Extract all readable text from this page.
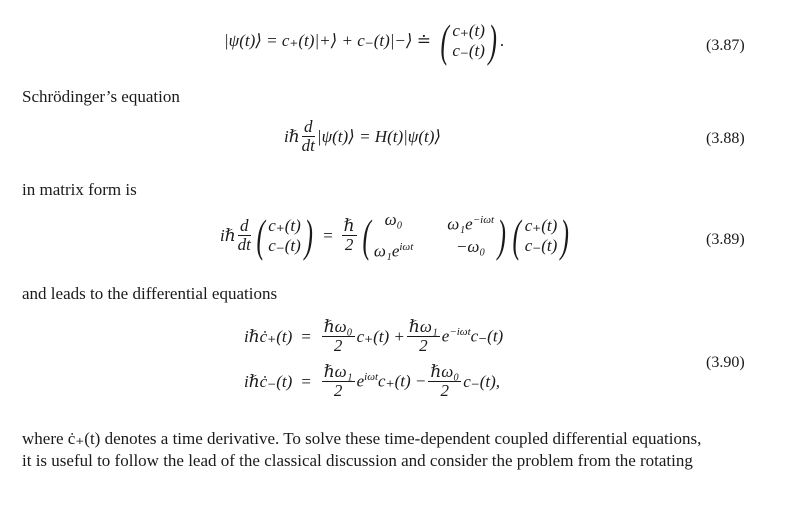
|ψ(t)⟩ = c₊(t)|+⟩ + c₋(t)|−⟩ ≐ ( c₊(t)
c₋(t) ) .	(3.87)
Schrödinger’s equation
iℏ $\frac{d}{dt}$ |ψ(t)⟩ = H(t)|ψ(t)⟩	(3.88)
in matrix form is
iℏ $\frac{d}{dt}$ ( c₊(t)
c₋(t) ) = $\frac{\text{ℏ}}{2}$ ( ω₀	$\omega_1e^{-i\omega t}$
$\omega_1e^{i\omega t}$	−ω₀ ) ( c₊(t)
c₋(t) )	(3.89)
and leads to the differential equations
iℏċ₊(t) = $\frac{\text{ℏω₀}}{2} c_+(t) + \frac{\text{ℏω₁}}{2} e^{-i\omega t}c_-(t)$
iℏċ₋(t) = $\frac{\text{ℏω₁}}{2} e^{i\omega t}c_+(t) - \frac{\text{ℏω₀}}{2} c_-(t)$,
(3.90)
where ċ₊(t) denotes a time derivative. To solve these time-dependent coupled differential equations,
it is useful to follow the lead of the classical discussion and consider the problem from the rotating
